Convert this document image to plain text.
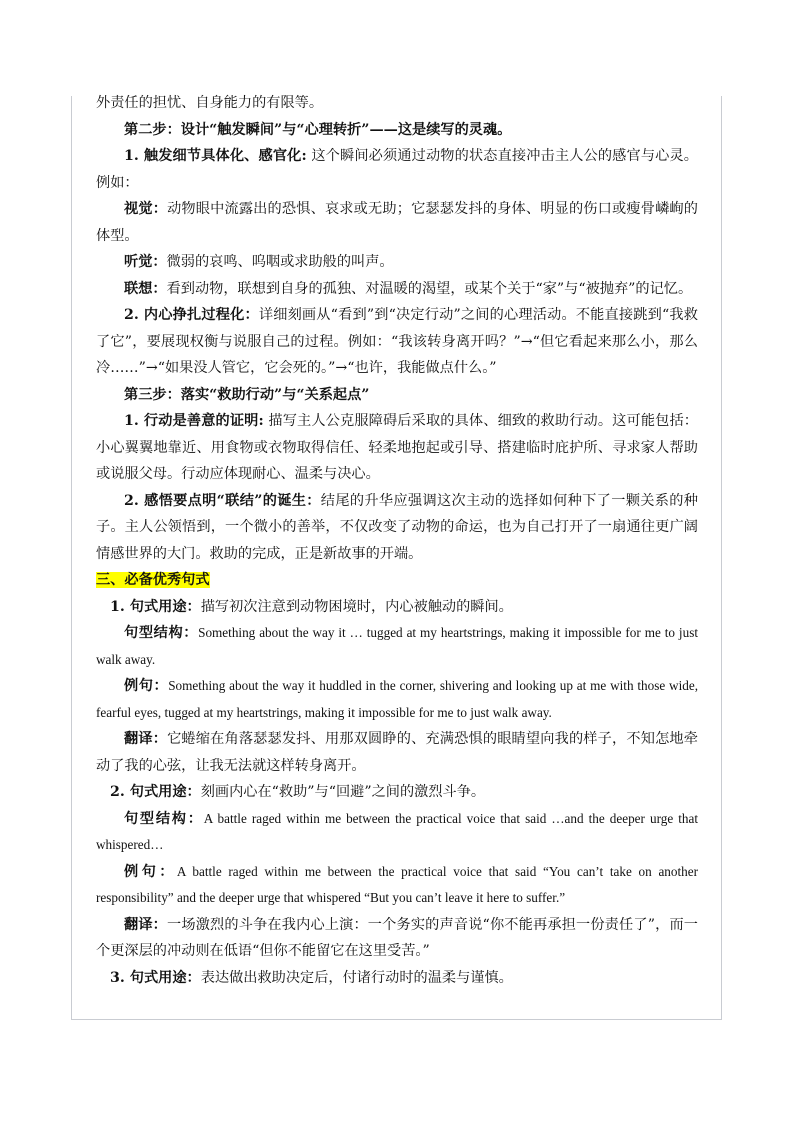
外责任的担忧、自身能力的有限等。

第二步：设计“触发瞬间”与“心理转折”——这是续写的灵魂。

1. 触发细节具体化、感官化: 这个瞬间必须通过动物的状态直接冲击主人公的感官与心灵。例如：

视觉：动物眼中流露出的恐惧、哀求或无助；它瑟瑟发抖的身体、明显的伤口或瘦骨嶙峋的体型。

听觉：微弱的哀鸣、呜咽或求助般的叫声。

联想：看到动物，联想到自身的孤独、对温暖的渴望，或某个关于“家”与“被抛弃”的记忆。

2. 内心挣扎过程化：详细刻画从“看到”到“决定行动”之间的心理活动。不能直接跳到“我救了它”，要展现权衡与说服自己的过程。例如：“我该转身离开吗？”→“但它看起来那么小，那么冷……”→“如果没人管它，它会死的。”→“也许，我能做点什么。”

第三步：落实“救助行动”与“关系起点”

1. 行动是善意的证明: 描写主人公克服障碍后采取的具体、细致的救助行动。这可能包括：小心翼翼地靠近、用食物或衣物取得信任、轻柔地抱起或引导、搭建临时庇护所、寻求家人帮助或说服父母。行动应体现耐心、温柔与决心。

2. 感悟要点明“联结”的诞生：结尾的升华应强调这次主动的选择如何种下了一颗关系的种子。主人公领悟到，一个微小的善举，不仅改变了动物的命运，也为自己打开了一扇通往更广阔情感世界的大门。救助的完成，正是新故事的开端。

三、必备优秀句式

1. 句式用途：描写初次注意到动物困境时，内心被触动的瞬间。

句型结构：Something about the way it … tugged at my heartstrings, making it impossible for me to just walk away.

例句：Something about the way it huddled in the corner, shivering and looking up at me with those wide, fearful eyes, tugged at my heartstrings, making it impossible for me to just walk away.

翻译：它蜷缩在角落瑟瑟发抖、用那双圆睁的、充满恐惧的眼睛望向我的样子，不知怎地牵动了我的心弦，让我无法就这样转身离开。

2. 句式用途：刻画内心在“救助”与“回避”之间的激烈斗争。

句型结构：A battle raged within me between the practical voice that said …and the deeper urge that whispered…

例句：A battle raged within me between the practical voice that said “You can’t take on another responsibility” and the deeper urge that whispered “But you can’t leave it here to suffer.”

翻译：一场激烈的斗争在我内心上演：一个务实的声音说“你不能再承担一份责任了”，而一个更深层的冲动则在低语“但你不能留它在这里受苦。”

3. 句式用途：表达做出救助决定后，付诸行动时的温柔与谨慎。
